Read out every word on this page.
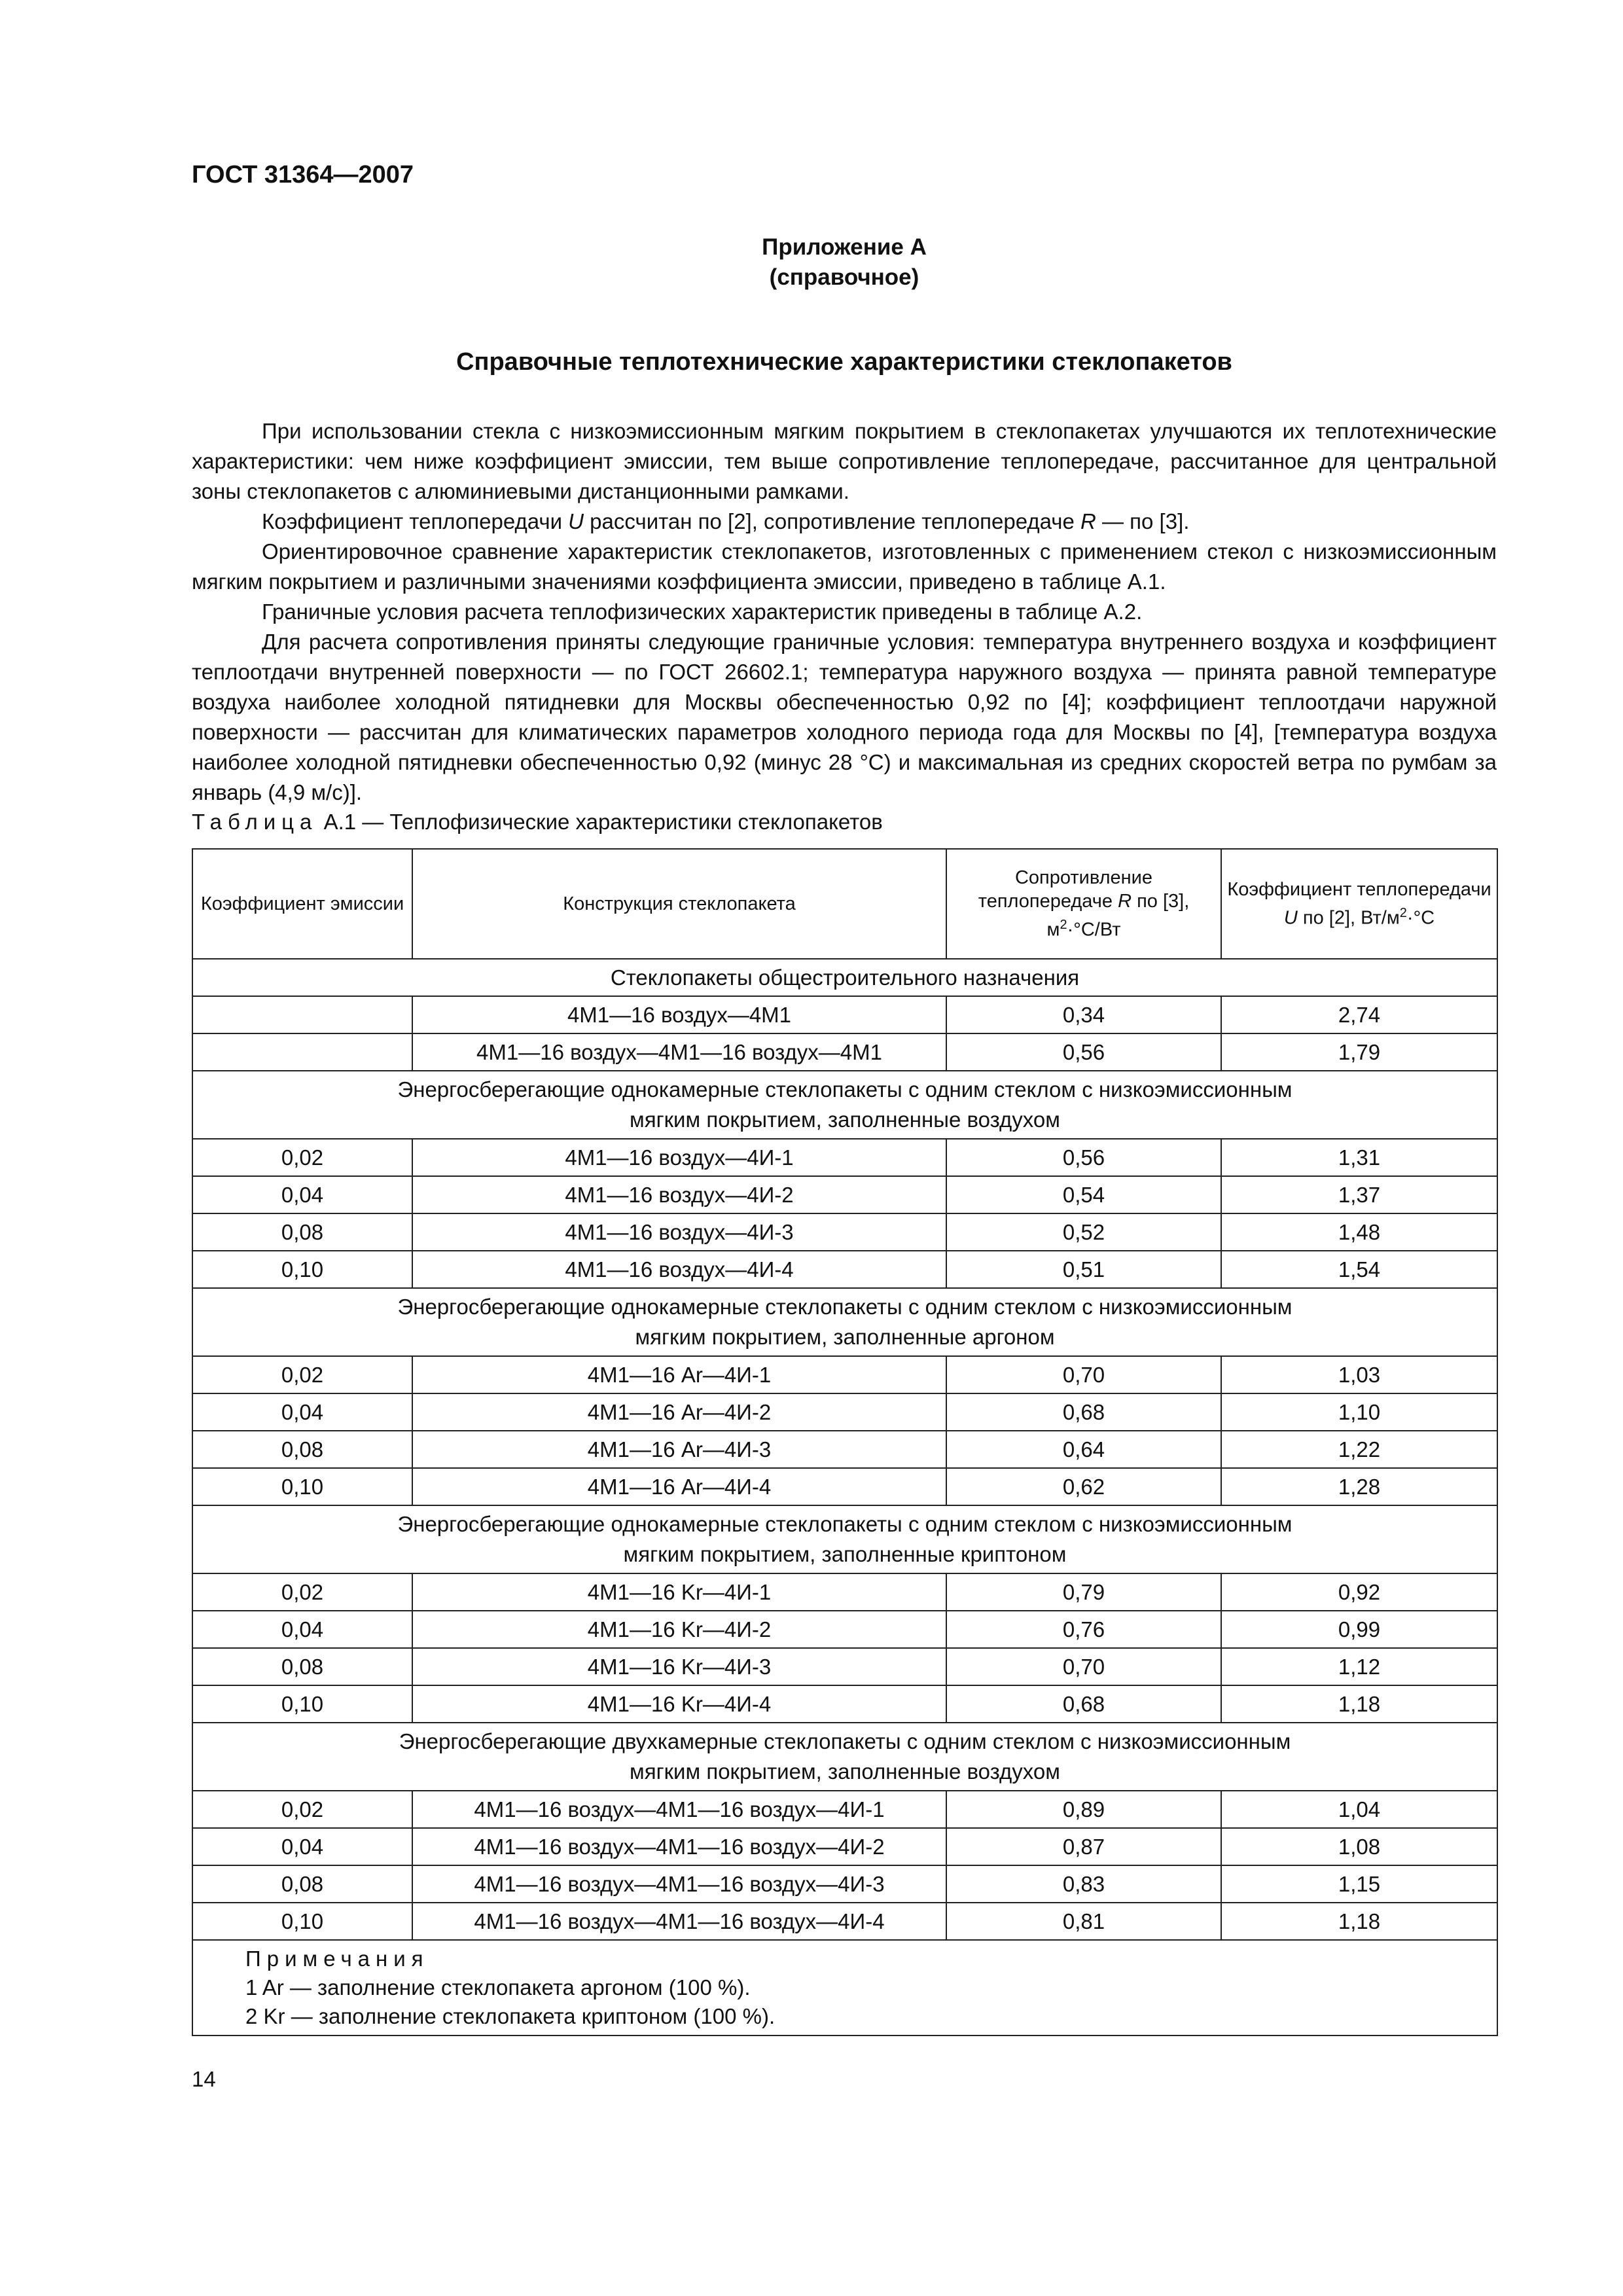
ГОСТ 31364—2007
Приложение А
(справочное)
Справочные теплотехнические характеристики стеклопакетов

При использовании стекла с низкоэмиссионным мягким покрытием в стеклопакетах улучшаются их теплотехнические характеристики: чем ниже коэффициент эмиссии, тем выше сопротивление теплопередаче, рассчитанное для центральной зоны стеклопакетов с алюминиевыми дистанционными рамками.

Коэффициент теплопередачи U рассчитан по [2], сопротивление теплопередаче R — по [3].

Ориентировочное сравнение характеристик стеклопакетов, изготовленных с применением стекол с низкоэмиссионным мягким покрытием и различными значениями коэффициента эмиссии, приведено в таблице А.1.

Граничные условия расчета теплофизических характеристик приведены в таблице А.2.

Для расчета сопротивления приняты следующие граничные условия: температура внутреннего воздуха и коэффициент теплоотдачи внутренней поверхности — по ГОСТ 26602.1; температура наружного воздуха — принята равной температуре воздуха наиболее холодной пятидневки для Москвы обеспеченностью 0,92 по [4]; коэффициент теплоотдачи наружной поверхности — рассчитан для климатических параметров холодного периода года для Москвы по [4], [температура воздуха наиболее холодной пятидневки обеспеченностью 0,92 (минус 28 °С) и максимальная из средних скоростей ветра по румбам за январь (4,9 м/с)].

Таблица А.1 — Теплофизические характеристики стеклопакетов
Коэффициент эмиссии	Конструкция стеклопакета	Сопротивление теплопередаче R по [3], $м^2\cdot^\circ С/Вт$	Коэффициент теплопередачи U по [2], $Вт/м^2\cdot^\circ С$
Стеклопакеты общестроительного назначения			
	4М1—16 воздух—4М1	0,34	2,74
	4М1—16 воздух—4М1—16 воздух—4М1	0,56	1,79
Энергосберегающие однокамерные стеклопакеты с одним стеклом с низкоэмиссионным мягким покрытием, заполненные воздухом			
0,02	4М1—16 воздух—4И-1	0,56	1,31
0,04	4М1—16 воздух—4И-2	0,54	1,37
0,08	4М1—16 воздух—4И-3	0,52	1,48
0,10	4М1—16 воздух—4И-4	0,51	1,54
Энергосберегающие однокамерные стеклопакеты с одним стеклом с низкоэмиссионным мягким покрытием, заполненные аргоном			
0,02	4М1—16 Ar—4И-1	0,70	1,03
0,04	4М1—16 Ar—4И-2	0,68	1,10
0,08	4М1—16 Ar—4И-3	0,64	1,22
0,10	4М1—16 Ar—4И-4	0,62	1,28
Энергосберегающие однокамерные стеклопакеты с одним стеклом с низкоэмиссионным мягким покрытием, заполненные криптоном			
0,02	4М1—16 Kr—4И-1	0,79	0,92
0,04	4М1—16 Kr—4И-2	0,76	0,99
0,08	4М1—16 Kr—4И-3	0,70	1,12
0,10	4М1—16 Kr—4И-4	0,68	1,18
Энергосберегающие двухкамерные стеклопакеты с одним стеклом с низкоэмиссионным мягким покрытием, заполненные воздухом			
0,02	4М1—16 воздух—4М1—16 воздух—4И-1	0,89	1,04
0,04	4М1—16 воздух—4М1—16 воздух—4И-2	0,87	1,08
0,08	4М1—16 воздух—4М1—16 воздух—4И-3	0,83	1,15
0,10	4М1—16 воздух—4М1—16 воздух—4И-4	0,81	1,18

Примечания
1 Ar — заполнение стеклопакета аргоном (100 %).
2 Kr — заполнение стеклопакета криптоном (100 %).			
14
